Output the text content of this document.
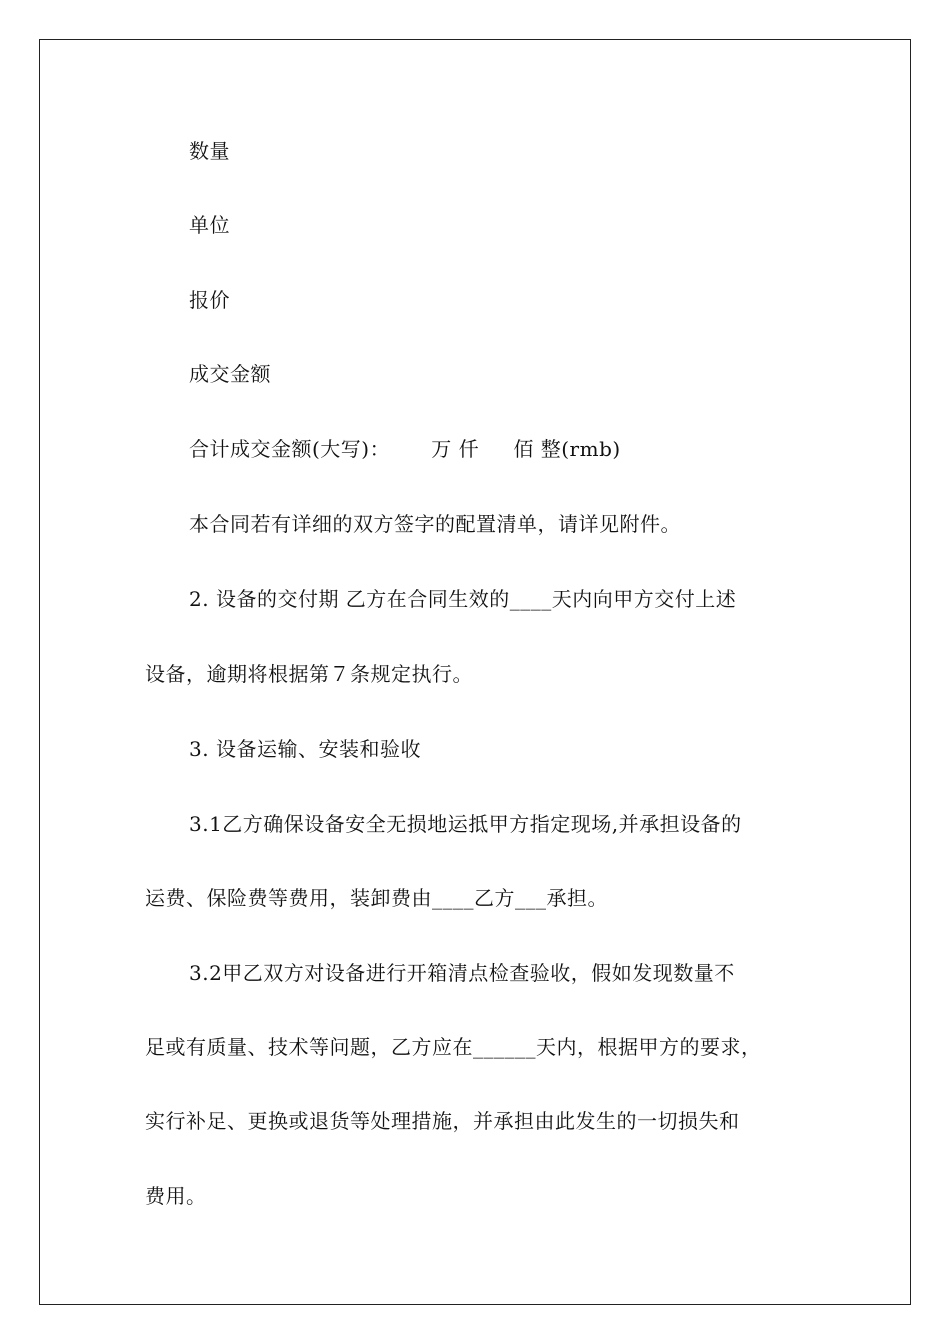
数量
单位
报价
成交金额
合计成交金额(大写)：      万 仟     佰 整(rmb)
本合同若有详细的双方签字的配置清单，请详见附件。
2. 设备的交付期 乙方在合同生效的____天内向甲方交付上述
设备，逾期将根据第７条规定执行。
3. 设备运输、安装和验收
3.1乙方确保设备安全无损地运抵甲方指定现场,并承担设备的
运费、保险费等费用，装卸费由____乙方___承担。
3.2甲乙双方对设备进行开箱清点检查验收，假如发现数量不
足或有质量、技术等问题，乙方应在______天内，根据甲方的要求，
实行补足、更换或退货等处理措施，并承担由此发生的一切损失和
费用。
